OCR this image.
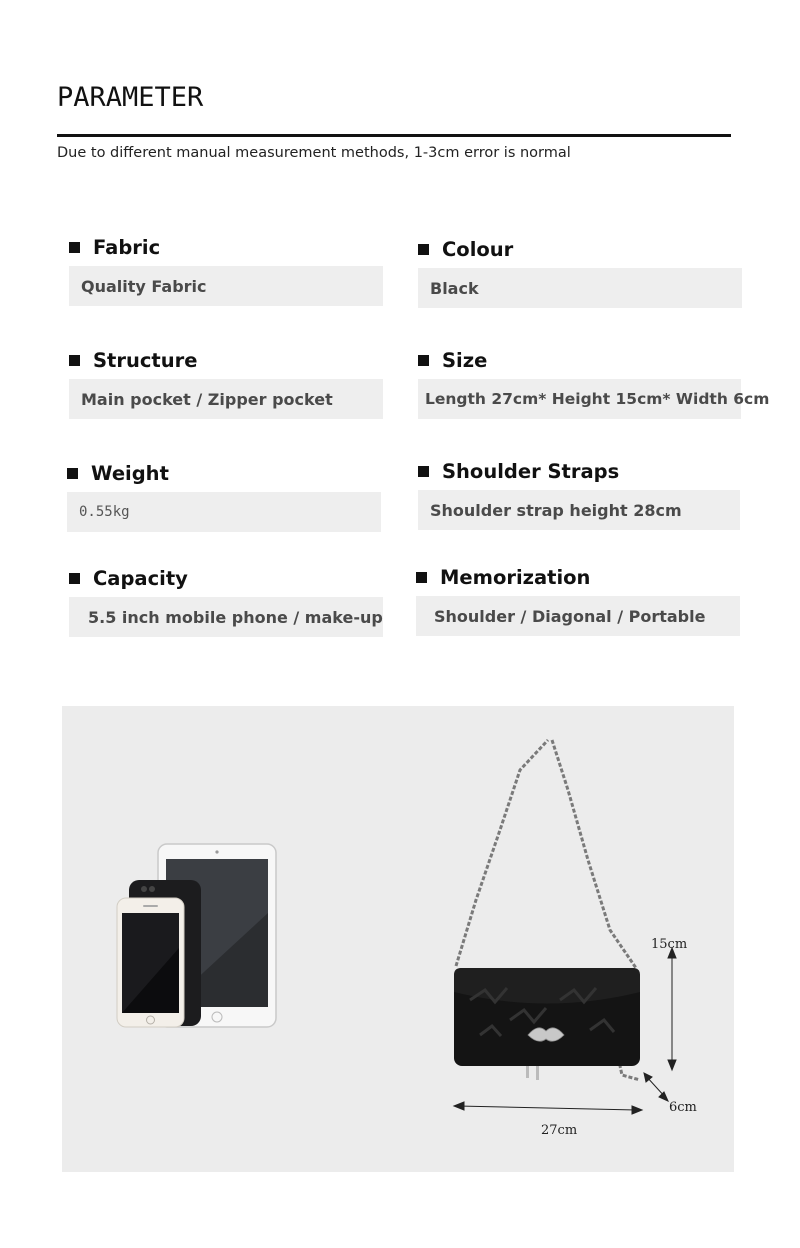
PARAMETER
Due to different manual measurement methods, 1-3cm error is normal
Fabric
Quality Fabric
Colour
Black
Structure
Main pocket / Zipper pocket
Size
Length 27cm* Height 15cm* Width 6cm
Weight
0.55kg
Shoulder Straps
Shoulder strap height 28cm
Capacity
5.5 inch mobile phone / make-up
Memorization
Shoulder / Diagonal / Portable
15cm
6cm
27cm
